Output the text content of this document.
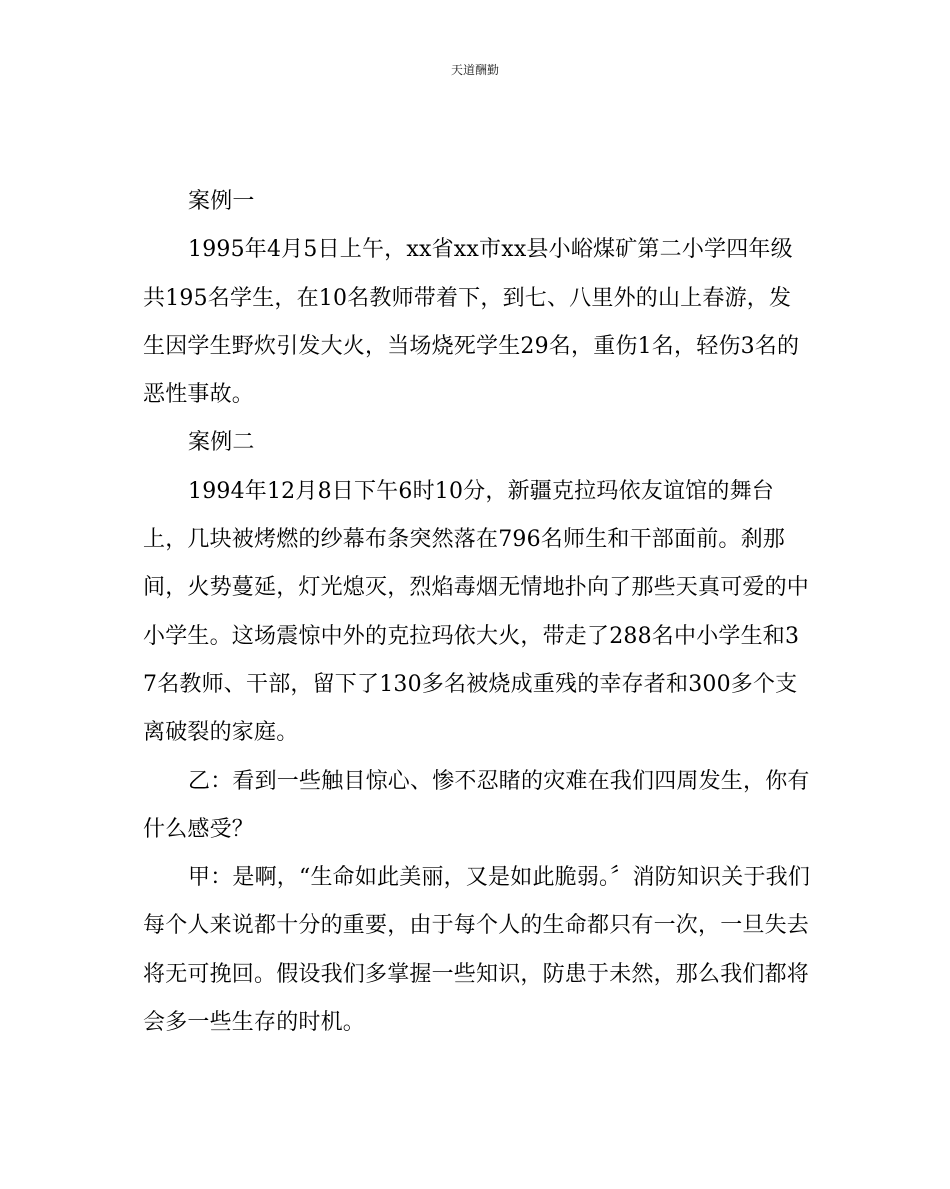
天道酬勤

案例一

1995年4月5日上午，xx省xx市xx县小峪煤矿第二小学四年级共195名学生，在10名教师带着下，到七、八里外的山上春游，发生因学生野炊引发大火，当场烧死学生29名，重伤1名，轻伤3名的恶性事故。

案例二

1994年12月8日下午6时10分，新疆克拉玛依友谊馆的舞台上，几块被烤燃的纱幕布条突然落在796名师生和干部面前。刹那间，火势蔓延，灯光熄灭，烈焰毒烟无情地扑向了那些天真可爱的中小学生。这场震惊中外的克拉玛依大火，带走了288名中小学生和37名教师、干部，留下了130多名被烧成重残的幸存者和300多个支离破裂的家庭。

乙：看到一些触目惊心、惨不忍睹的灾难在我们四周发生，你有什么感受？

甲：是啊，“生命如此美丽，又是如此脆弱。〞消防知识关于我们每个人来说都十分的重要，由于每个人的生命都只有一次，一旦失去将无可挽回。假设我们多掌握一些知识，防患于未然，那么我们都将会多一些生存的时机。
